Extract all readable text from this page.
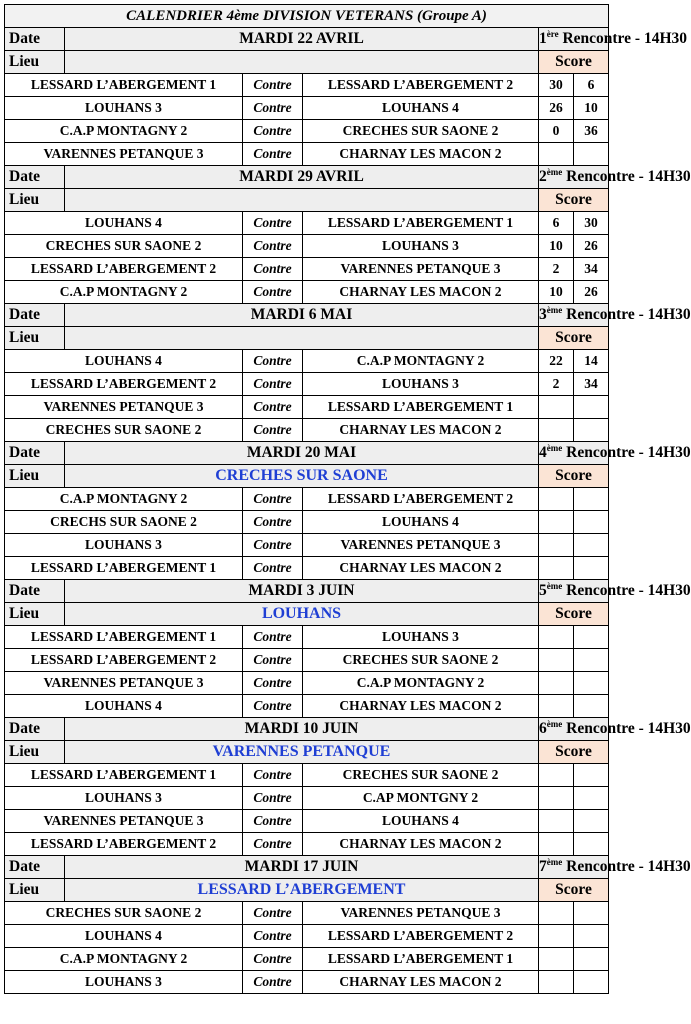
CALENDRIER 4ème DIVISION VETERANS (Groupe A)					
Date	MARDI 22 AVRIL			1ère Rencontre - 14H30	
Lieu				Score	
LESSARD L’ABERGEMENT 1		Contre	LESSARD L’ABERGEMENT 2	30	6
LOUHANS 3		Contre	LOUHANS 4	26	10
C.A.P MONTAGNY 2		Contre	CRECHES SUR SAONE 2	0	36
VARENNES PETANQUE 3		Contre	CHARNAY LES MACON 2		
Date	MARDI 29 AVRIL			2ème Rencontre - 14H30	
Lieu				Score	
LOUHANS 4		Contre	LESSARD L’ABERGEMENT 1	6	30
CRECHES SUR SAONE 2		Contre	LOUHANS 3	10	26
LESSARD L’ABERGEMENT 2		Contre	VARENNES PETANQUE 3	2	34
C.A.P MONTAGNY 2		Contre	CHARNAY LES MACON 2	10	26
Date	MARDI 6 MAI			3ème Rencontre - 14H30	
Lieu				Score	
LOUHANS 4		Contre	C.A.P MONTAGNY 2	22	14
LESSARD L’ABERGEMENT 2		Contre	LOUHANS 3	2	34
VARENNES PETANQUE 3		Contre	LESSARD L’ABERGEMENT 1		
CRECHES SUR SAONE 2		Contre	CHARNAY LES MACON 2		
Date	MARDI 20 MAI			4ème Rencontre - 14H30	
Lieu	CRECHES SUR SAONE			Score	
C.A.P MONTAGNY 2		Contre	LESSARD L’ABERGEMENT 2		
CRECHS SUR SAONE 2		Contre	LOUHANS 4		
LOUHANS 3		Contre	VARENNES PETANQUE 3		
LESSARD L’ABERGEMENT 1		Contre	CHARNAY LES MACON 2		
Date	MARDI 3 JUIN			5ème Rencontre - 14H30	
Lieu	LOUHANS			Score	
LESSARD L’ABERGEMENT 1		Contre	LOUHANS 3		
LESSARD L’ABERGEMENT 2		Contre	CRECHES SUR SAONE 2		
VARENNES PETANQUE 3		Contre	C.A.P MONTAGNY 2		
LOUHANS 4		Contre	CHARNAY LES MACON 2		
Date	MARDI 10 JUIN			6ème Rencontre - 14H30	
Lieu	VARENNES PETANQUE			Score	
LESSARD L’ABERGEMENT 1		Contre	CRECHES SUR SAONE 2		
LOUHANS 3		Contre	C.AP MONTGNY 2		
VARENNES PETANQUE 3		Contre	LOUHANS 4		
LESSARD L’ABERGEMENT 2		Contre	CHARNAY LES MACON 2		
Date	MARDI 17 JUIN			7ème Rencontre - 14H30	
Lieu	LESSARD L’ABERGEMENT			Score	
CRECHES SUR SAONE 2		Contre	VARENNES PETANQUE 3		
LOUHANS 4		Contre	LESSARD L’ABERGEMENT 2		
C.A.P MONTAGNY 2		Contre	LESSARD L’ABERGEMENT 1		
LOUHANS 3		Contre	CHARNAY LES MACON 2		
